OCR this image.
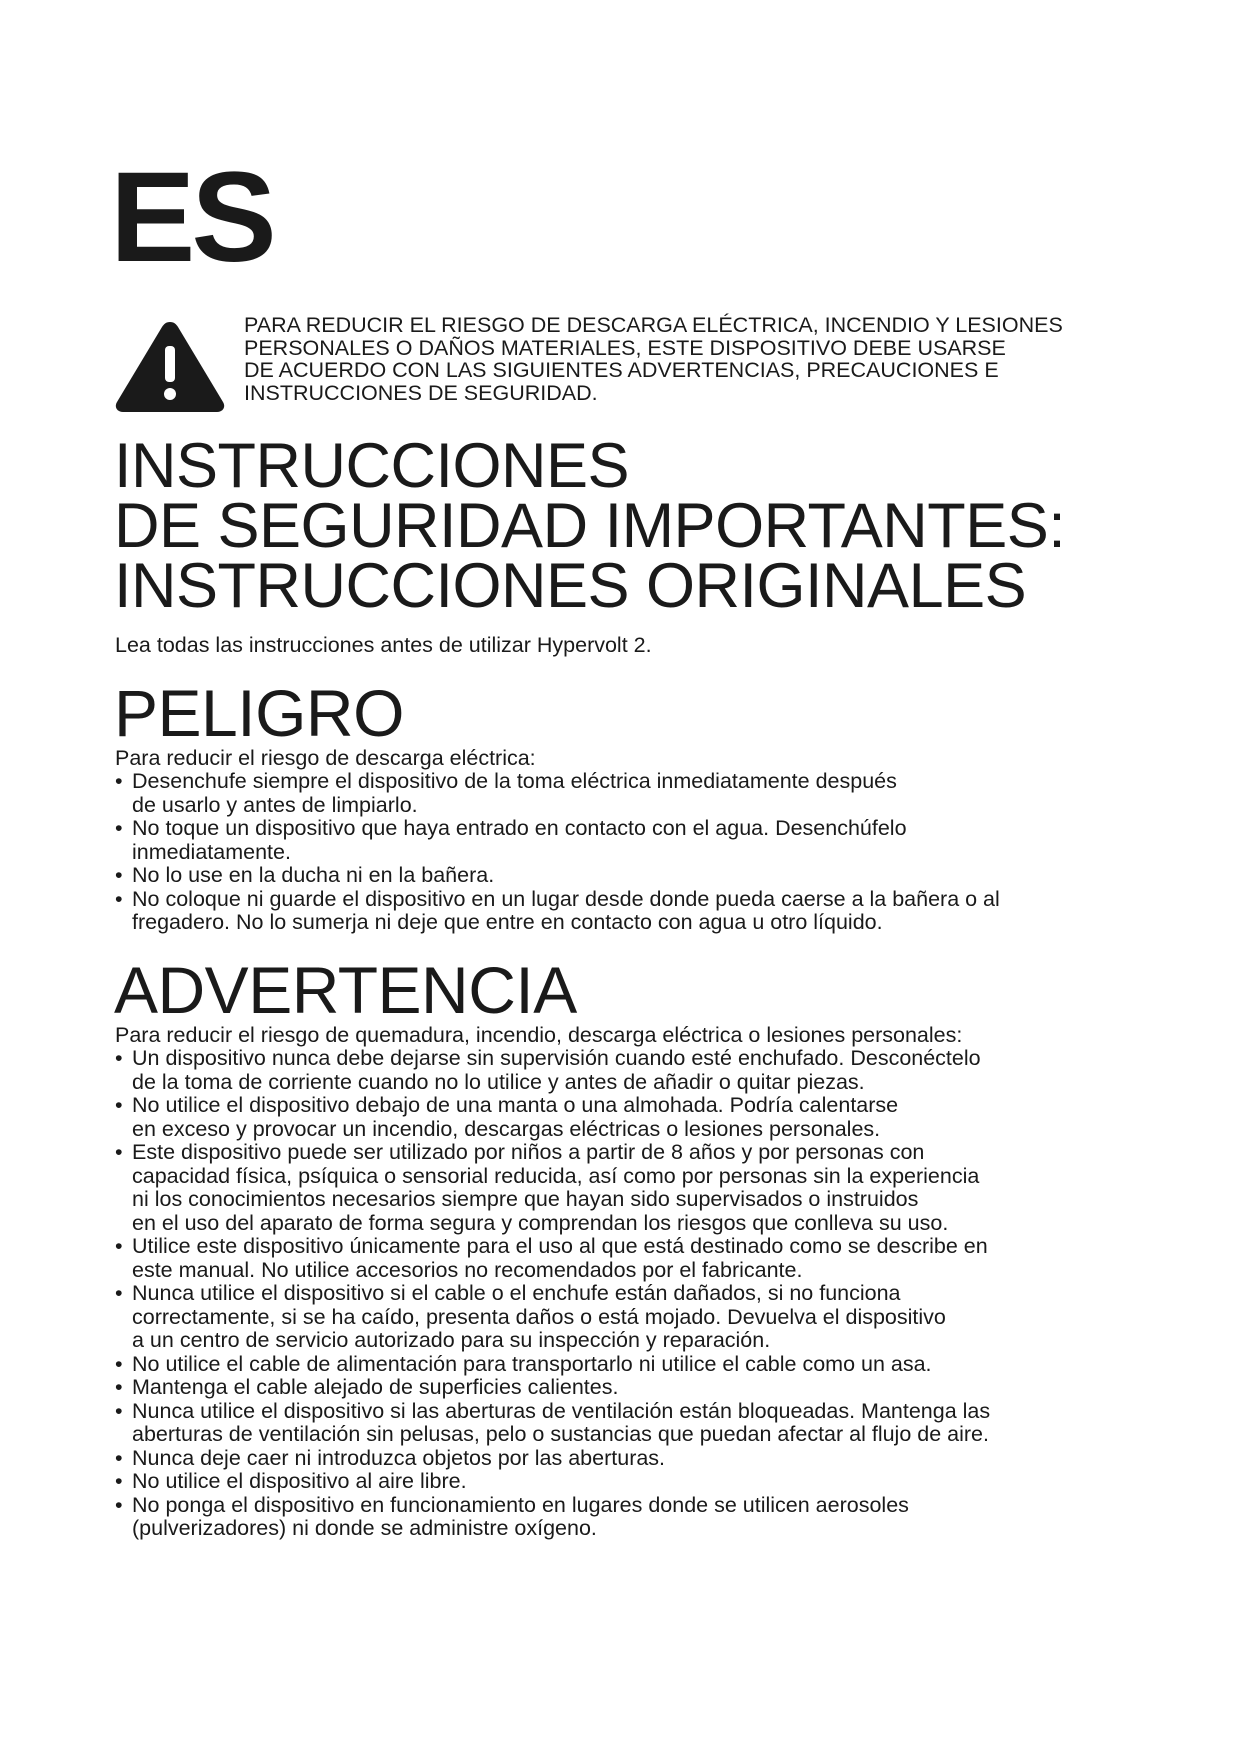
ES

PARA REDUCIR EL RIESGO DE DESCARGA ELÉCTRICA, INCENDIO Y LESIONES
PERSONALES O DAÑOS MATERIALES, ESTE DISPOSITIVO DEBE USARSE
DE ACUERDO CON LAS SIGUIENTES ADVERTENCIAS, PRECAUCIONES E
INSTRUCCIONES DE SEGURIDAD.

INSTRUCCIONES
DE SEGURIDAD IMPORTANTES:
INSTRUCCIONES ORIGINALES

Lea todas las instrucciones antes de utilizar Hypervolt 2.

PELIGRO

Para reducir el riesgo de descarga eléctrica:

• Desenchufe siempre el dispositivo de la toma eléctrica inmediatamente después
de usarlo y antes de limpiarlo.
• No toque un dispositivo que haya entrado en contacto con el agua. Desenchúfelo
inmediatamente.
• No lo use en la ducha ni en la bañera.
• No coloque ni guarde el dispositivo en un lugar desde donde pueda caerse a la bañera o al
fregadero. No lo sumerja ni deje que entre en contacto con agua u otro líquido.
ADVERTENCIA

Para reducir el riesgo de quemadura, incendio, descarga eléctrica o lesiones personales:

• Un dispositivo nunca debe dejarse sin supervisión cuando esté enchufado. Desconéctelo
de la toma de corriente cuando no lo utilice y antes de añadir o quitar piezas.
• No utilice el dispositivo debajo de una manta o una almohada. Podría calentarse
en exceso y provocar un incendio, descargas eléctricas o lesiones personales.
• Este dispositivo puede ser utilizado por niños a partir de 8 años y por personas con
capacidad física, psíquica o sensorial reducida, así como por personas sin la experiencia
ni los conocimientos necesarios siempre que hayan sido supervisados o instruidos
en el uso del aparato de forma segura y comprendan los riesgos que conlleva su uso.
• Utilice este dispositivo únicamente para el uso al que está destinado como se describe en
este manual. No utilice accesorios no recomendados por el fabricante.
• Nunca utilice el dispositivo si el cable o el enchufe están dañados, si no funciona
correctamente, si se ha caído, presenta daños o está mojado. Devuelva el dispositivo
a un centro de servicio autorizado para su inspección y reparación.
• No utilice el cable de alimentación para transportarlo ni utilice el cable como un asa.
• Mantenga el cable alejado de superficies calientes.
• Nunca utilice el dispositivo si las aberturas de ventilación están bloqueadas. Mantenga las
aberturas de ventilación sin pelusas, pelo o sustancias que puedan afectar al flujo de aire.
• Nunca deje caer ni introduzca objetos por las aberturas.
• No utilice el dispositivo al aire libre.
• No ponga el dispositivo en funcionamiento en lugares donde se utilicen aerosoles
(pulverizadores) ni donde se administre oxígeno.
